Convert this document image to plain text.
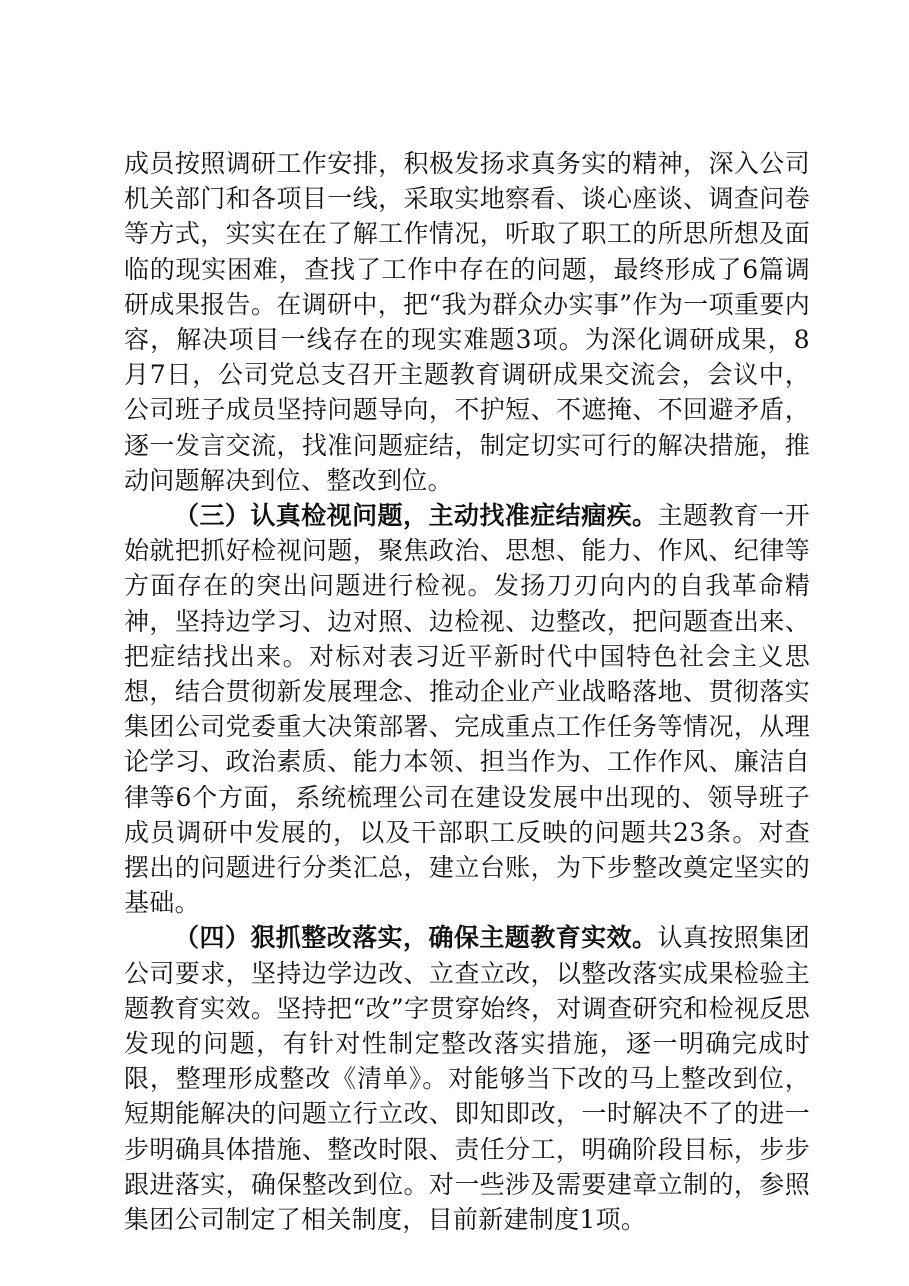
成员按照调研工作安排，积极发扬求真务实的精神，深入公司机关部门和各项目一线，采取实地察看、谈心座谈、调查问卷等方式，实实在在了解工作情况，听取了职工的所思所想及面临的现实困难，查找了工作中存在的问题，最终形成了6篇调研成果报告。在调研中，把“我为群众办实事”作为一项重要内容，解决项目一线存在的现实难题3项。为深化调研成果，8月7日，公司党总支召开主题教育调研成果交流会，会议中，公司班子成员坚持问题导向，不护短、不遮掩、不回避矛盾，逐一发言交流，找准问题症结，制定切实可行的解决措施，推动问题解决到位、整改到位。

（三）认真检视问题，主动找准症结痼疾。主题教育一开始就把抓好检视问题，聚焦政治、思想、能力、作风、纪律等方面存在的突出问题进行检视。发扬刀刃向内的自我革命精神，坚持边学习、边对照、边检视、边整改，把问题查出来、把症结找出来。对标对表习近平新时代中国特色社会主义思想，结合贯彻新发展理念、推动企业产业战略落地、贯彻落实集团公司党委重大决策部署、完成重点工作任务等情况，从理论学习、政治素质、能力本领、担当作为、工作作风、廉洁自律等6个方面，系统梳理公司在建设发展中出现的、领导班子成员调研中发展的，以及干部职工反映的问题共23条。对查摆出的问题进行分类汇总，建立台账，为下步整改奠定坚实的基础。

（四）狠抓整改落实，确保主题教育实效。认真按照集团公司要求，坚持边学边改、立查立改，以整改落实成果检验主题教育实效。坚持把“改”字贯穿始终，对调查研究和检视反思发现的问题，有针对性制定整改落实措施，逐一明确完成时限，整理形成整改《清单》。对能够当下改的马上整改到位，短期能解决的问题立行立改、即知即改，一时解决不了的进一步明确具体措施、整改时限、责任分工，明确阶段目标，步步跟进落实，确保整改到位。对一些涉及需要建章立制的，参照集团公司制定了相关制度，目前新建制度1项。
